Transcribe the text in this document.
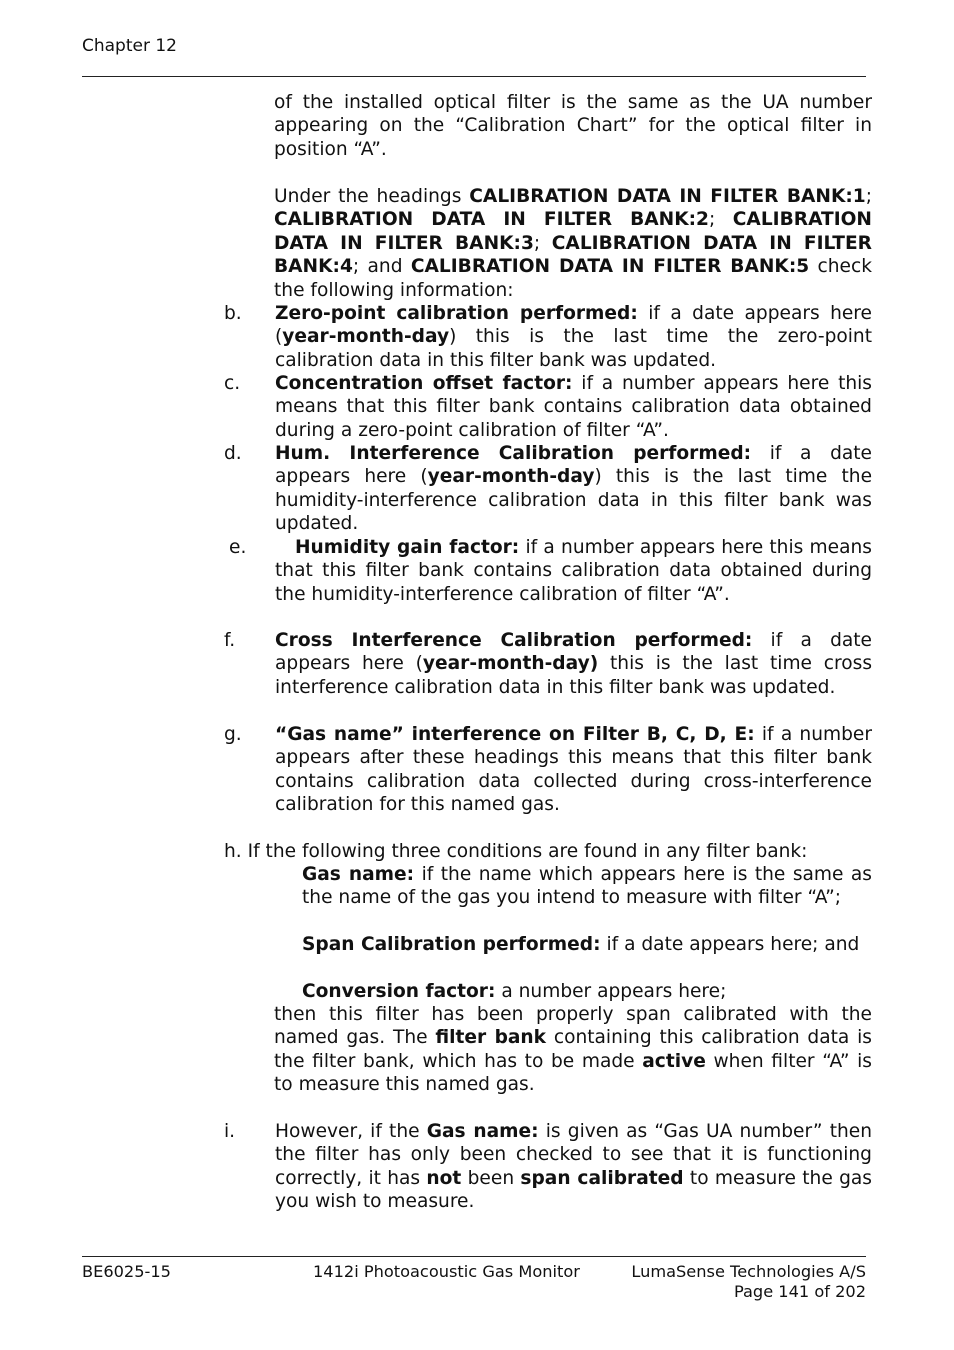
Chapter 12
of the installed optical filter is the same as the UA number appearing on the “Calibration Chart” for the optical filter in position “A”.
Under the headings CALIBRATION DATA IN FILTER BANK:1; CALIBRATION DATA IN FILTER BANK:2; CALIBRATION DATA IN FILTER BANK:3; CALIBRATION DATA IN FILTER BANK:4; and CALIBRATION DATA IN FILTER BANK:5 check the following information:
b. Zero-point calibration performed: if a date appears here (year-month-day) this is the last time the zero-point calibration data in this filter bank was updated.
c. Concentration offset factor: if a number appears here this means that this filter bank contains calibration data obtained during a zero-point calibration of filter “A”.
d. Hum. Interference Calibration performed: if a date appears here (year-month-day) this is the last time the humidity-interference calibration data in this filter bank was updated.
e.	Humidity gain factor: if a number appears here this means that this filter bank contains calibration data obtained during the humidity-interference calibration of filter “A”.
f. Cross Interference Calibration performed: if a date appears here (year-month-day) this is the last time cross interference calibration data in this filter bank was updated.
g. “Gas name” interference on Filter B, C, D, E: if a number appears after these headings this means that this filter bank contains calibration data collected during cross-interference calibration for this named gas.
h. If the following three conditions are found in any filter bank:
Gas name: if the name which appears here is the same as the name of the gas you intend to measure with filter “A”;
Span Calibration performed: if a date appears here; and
Conversion factor: a number appears here;
then this filter has been properly span calibrated with the named gas. The filter bank containing this calibration data is the filter bank, which has to be made active when filter “A” is to measure this named gas.
i. However, if the Gas name: is given as “Gas UA number” then the filter has only been checked to see that it is functioning correctly, it has not been span calibrated to measure the gas you wish to measure.
BE6025-15	1412i Photoacoustic Gas Monitor	LumaSense Technologies A/S
Page 141 of 202
